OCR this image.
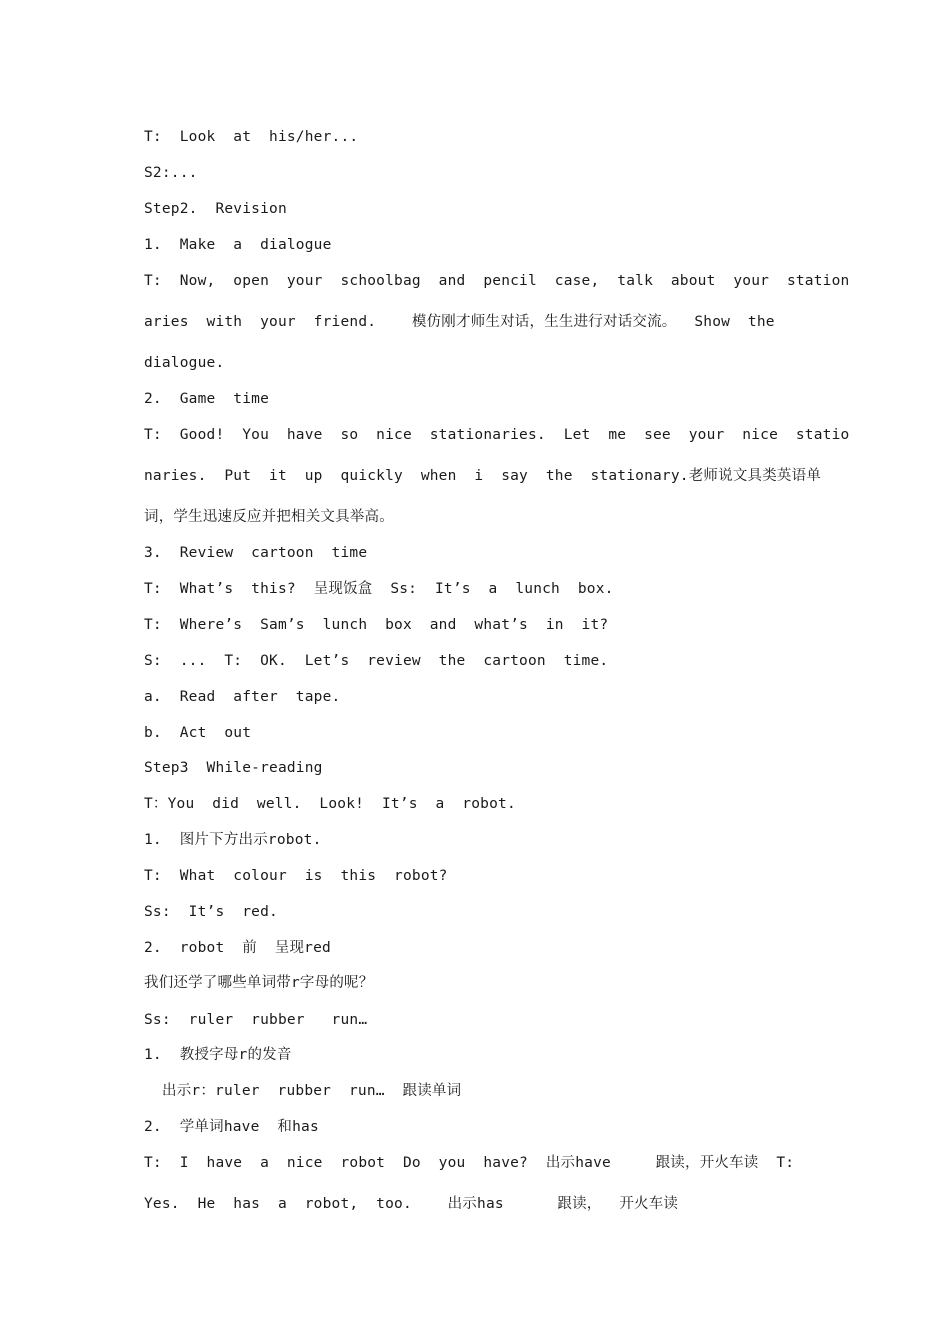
T:  Look  at  his/her...
S2:...
Step2.  Revision
1.  Make  a  dialogue
T:  Now,  open  your  schoolbag  and  pencil  case,  talk  about  your  station
aries  with  your  friend.    模仿刚才师生对话，生生进行对话交流。  Show  the
dialogue.
2.  Game  time
T:  Good!  You  have  so  nice  stationaries.  Let  me  see  your  nice  statio
naries.  Put  it  up  quickly  when  i  say  the  stationary.老师说文具类英语单
词，学生迅速反应并把相关文具举高。
3.  Review  cartoon  time
T:  What’s  this?  呈现饭盒  Ss:  It’s  a  lunch  box.
T:  Where’s  Sam’s  lunch  box  and  what’s  in  it?
S:  ...  T:  OK.  Let’s  review  the  cartoon  time.
a.  Read  after  tape.
b.  Act  out
Step3  While-reading
T：You  did  well.  Look!  It’s  a  robot.
1.  图片下方出示robot.
T:  What  colour  is  this  robot?
Ss:  It’s  red.
2.  robot  前  呈现red
我们还学了哪些单词带r字母的呢？
Ss:  ruler  rubber   run…
1.  教授字母r的发音
出示r：ruler  rubber  run…  跟读单词
2.  学单词have  和has
T:  I  have  a  nice  robot  Do  you  have?  出示have     跟读，开火车读  T:
Yes.  He  has  a  robot,  too.    出示has      跟读，  开火车读
